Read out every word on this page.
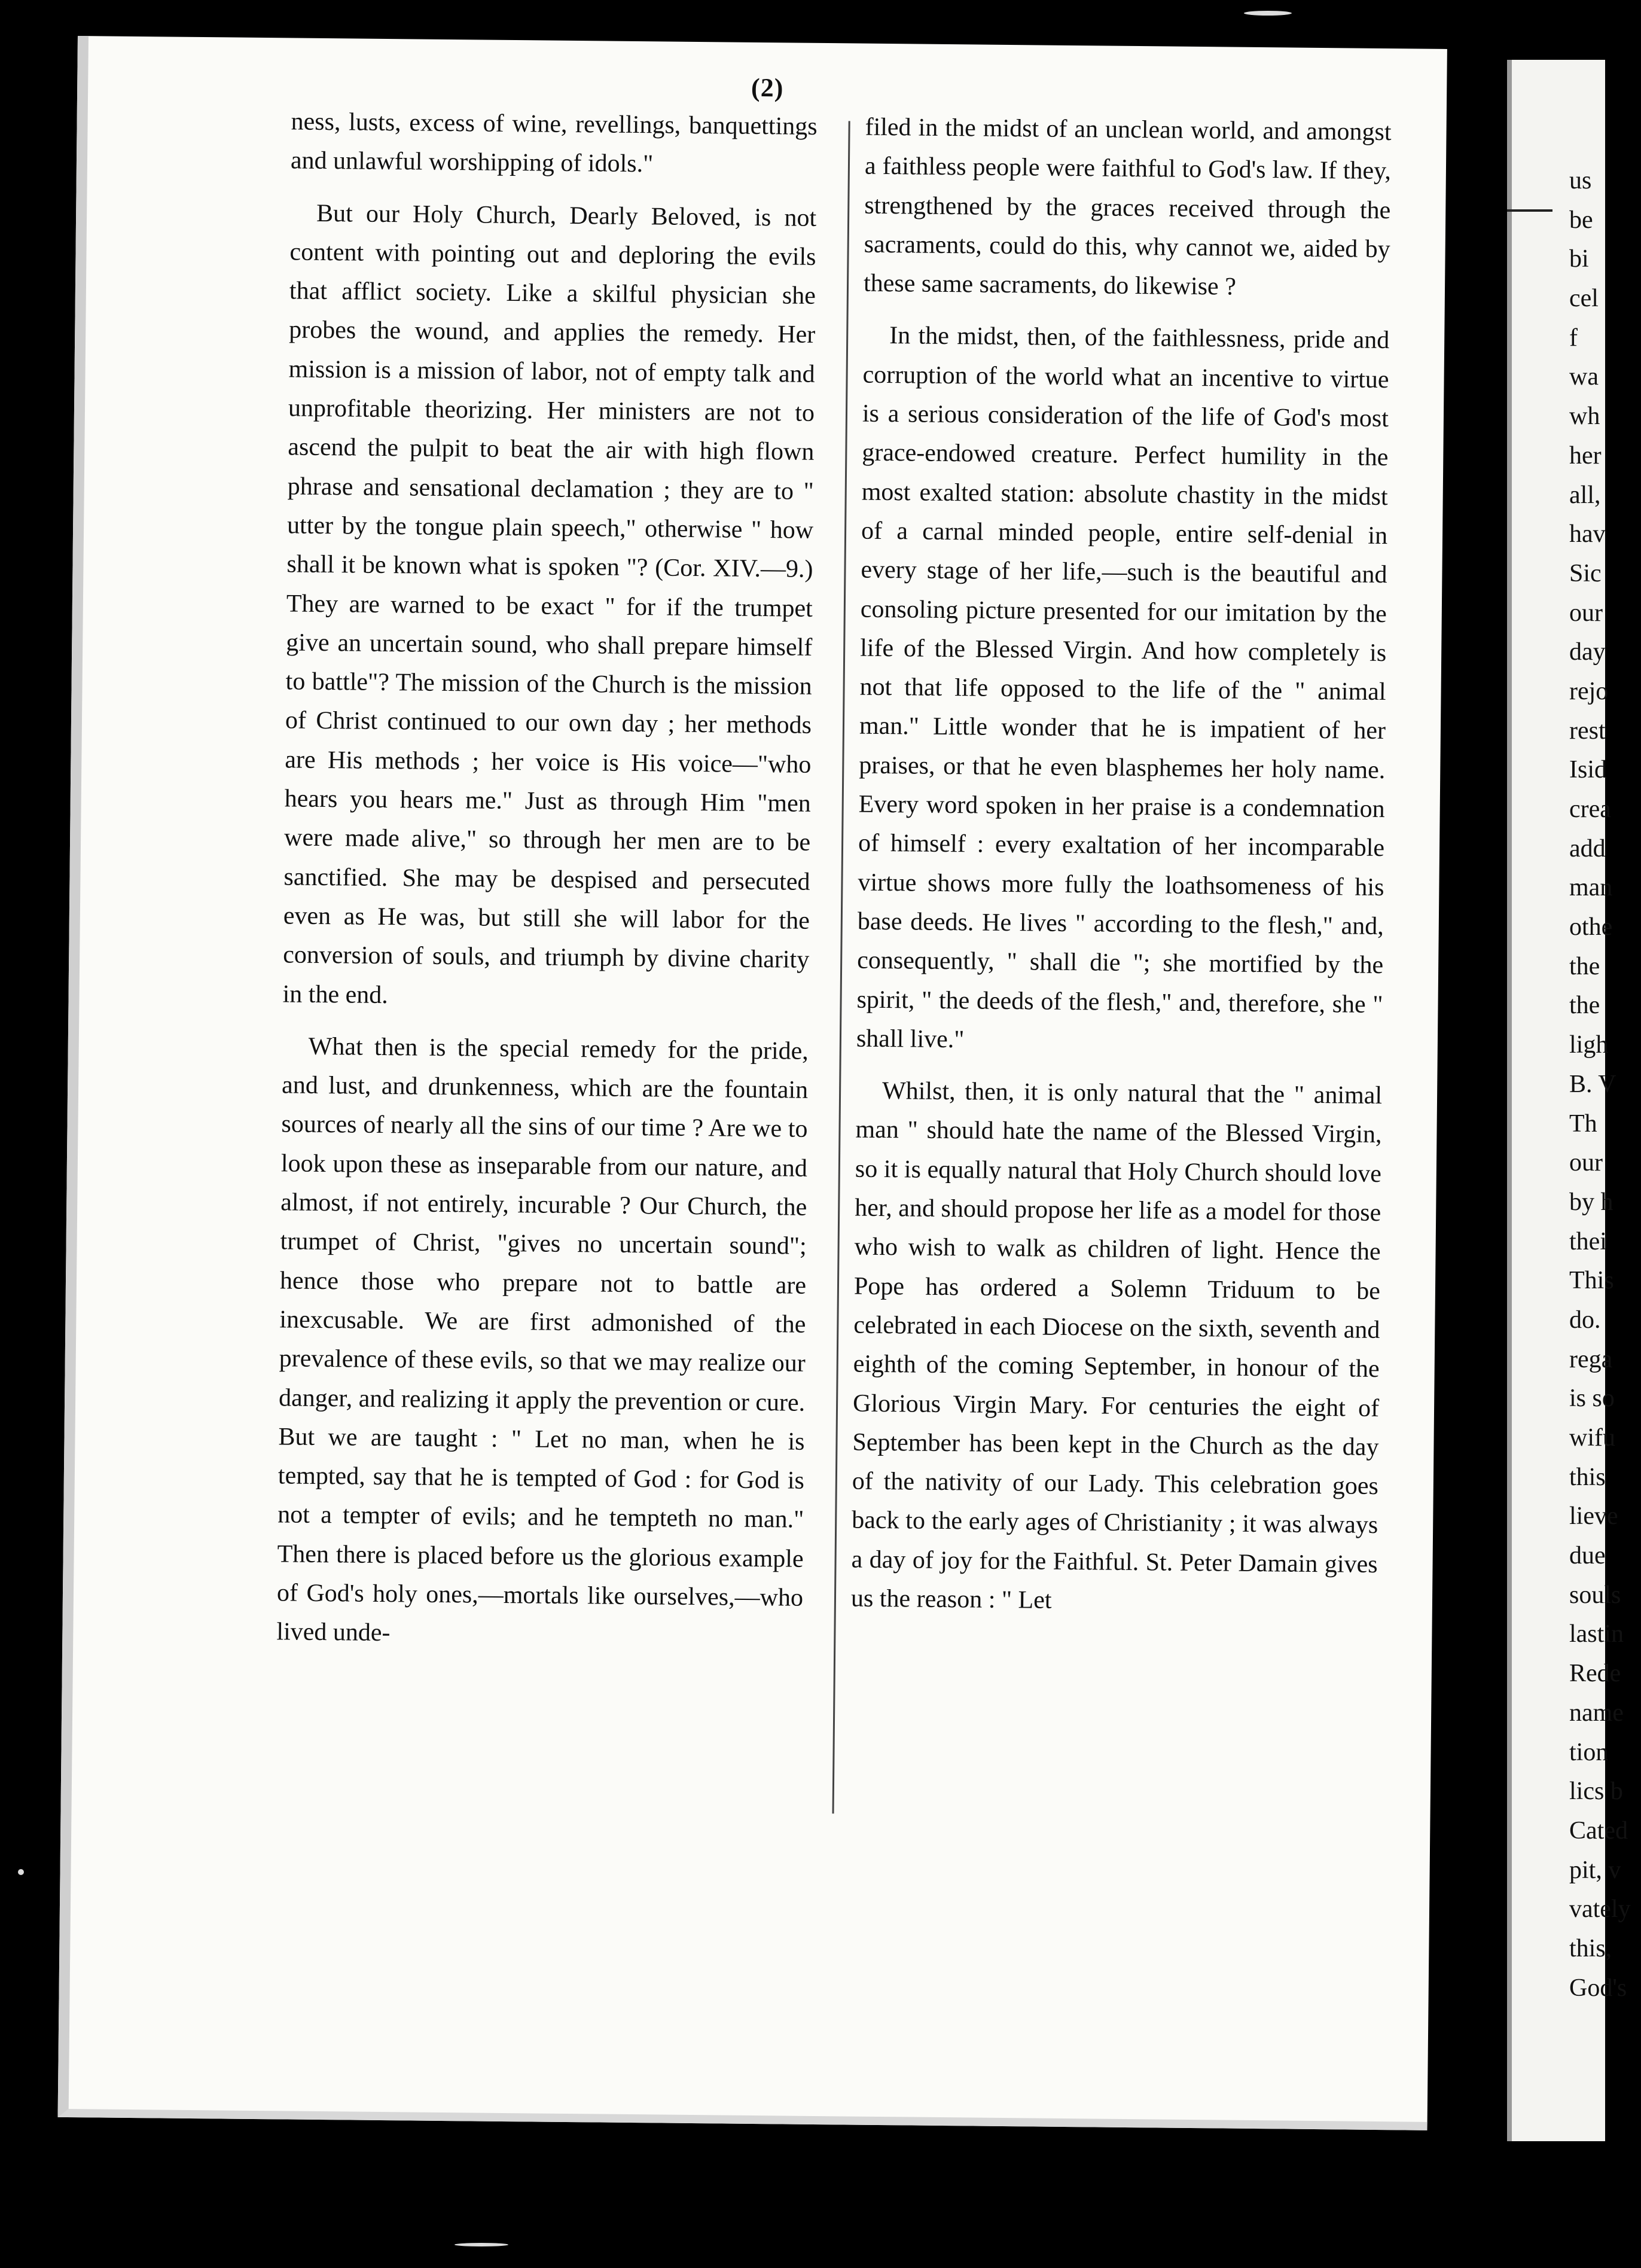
(2)

ness, lusts, excess of wine, revellings, banquettings and unlawful worshipping of idols."

But our Holy Church, Dearly Beloved, is not content with pointing out and deploring the evils that afflict society. Like a skilful physician she probes the wound, and applies the remedy. Her mission is a mission of labor, not of empty talk and unprofitable theorizing. Her ministers are not to ascend the pulpit to beat the air with high flown phrase and sensational declamation ; they are to " utter by the tongue plain speech," otherwise " how shall it be known what is spoken "? (Cor. XIV.—9.) They are warned to be exact " for if the trumpet give an uncertain sound, who shall prepare himself to battle"? The mission of the Church is the mission of Christ continued to our own day ; her methods are His methods ; her voice is His voice—"who hears you hears me." Just as through Him "men were made alive," so through her men are to be sanctified. She may be despised and persecuted even as He was, but still she will labor for the conversion of souls, and triumph by divine charity in the end.

What then is the special remedy for the pride, and lust, and drunkenness, which are the fountain sources of nearly all the sins of our time ? Are we to look upon these as inseparable from our nature, and almost, if not entirely, incurable ? Our Church, the trumpet of Christ, "gives no uncertain sound"; hence those who prepare not to battle are inexcusable. We are first admonished of the prevalence of these evils, so that we may realize our danger, and realizing it apply the prevention or cure. But we are taught : " Let no man, when he is tempted, say that he is tempted of God : for God is not a tempter of evils; and he tempteth no man." Then there is placed before us the glorious example of God's holy ones,—mortals like ourselves,—who lived unde-

filed in the midst of an unclean world, and amongst a faithless people were faithful to God's law. If they, strengthened by the graces received through the sacraments, could do this, why cannot we, aided by these same sacraments, do likewise ?

In the midst, then, of the faithlessness, pride and corruption of the world what an incentive to virtue is a serious consideration of the life of God's most grace-endowed creature. Perfect humility in the most exalted station: absolute chastity in the midst of a carnal minded people, entire self-denial in every stage of her life,—such is the beautiful and consoling picture presented for our imitation by the life of the Blessed Virgin. And how completely is not that life opposed to the life of the " animal man." Little wonder that he is impatient of her praises, or that he even blasphemes her holy name. Every word spoken in her praise is a condemnation of himself : every exaltation of her incomparable virtue shows more fully the loathsomeness of his base deeds. He lives " according to the flesh," and, consequently, " shall die "; she mortified by the spirit, " the deeds of the flesh," and, therefore, she " shall live."

Whilst, then, it is only natural that the " animal man " should hate the name of the Blessed Virgin, so it is equally natural that Holy Church should love her, and should propose her life as a model for those who wish to walk as children of light. Hence the Pope has ordered a Solemn Triduum to be celebrated in each Diocese on the sixth, seventh and eighth of the coming September, in honour of the Glorious Virgin Mary. For centuries the eight of September has been kept in the Church as the day of the nativity of our Lady. This celebration goes back to the early ages of Christianity ; it was always a day of joy for the Faithful. St. Peter Damain gives us the reason : " Let

us
be
bi
cel
f
wa
wh
her
all,
hav
Sic
our
day
rejo
rest
Isid
crea
add
man
othe
the
the
ligh
B. V
Th
our
by h
thei
This
do.
rega
is so
wifu
this
lieve
due
souls
lastin
Rede
name
tion
lics b
Cated
pit, v
vately
this,
God's
